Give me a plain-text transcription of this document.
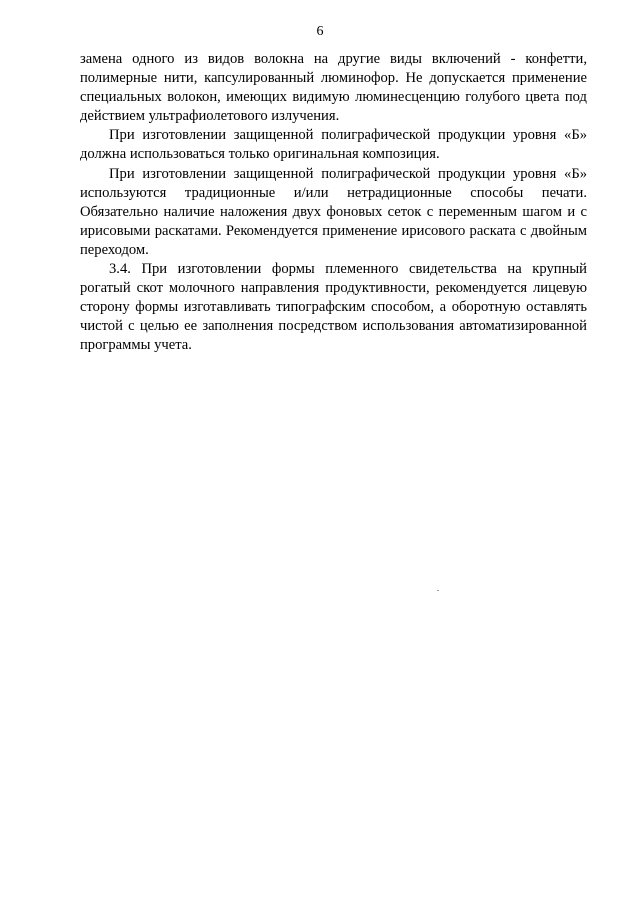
6

замена одного из видов волокна на другие виды включений - конфетти, полимерные нити, капсулированный люминофор. Не допускается применение специальных волокон, имеющих видимую люминесценцию голубого цвета под действием ультрафиолетового излучения.

При изготовлении защищенной полиграфической продукции уровня «Б» должна использоваться только оригинальная композиция.

При изготовлении защищенной полиграфической продукции уровня «Б» используются традиционные и/или нетрадиционные способы печати. Обязательно наличие наложения двух фоновых сеток с переменным шагом и с ирисовыми раскатами. Рекомендуется применение ирисового раската с двойным переходом.

3.4. При изготовлении формы племенного свидетельства на крупный рогатый скот молочного направления продуктивности, рекомендуется лицевую сторону формы изготавливать типографским способом, а оборотную оставлять чистой с целью ее заполнения посредством использования автоматизированной программы учета.
